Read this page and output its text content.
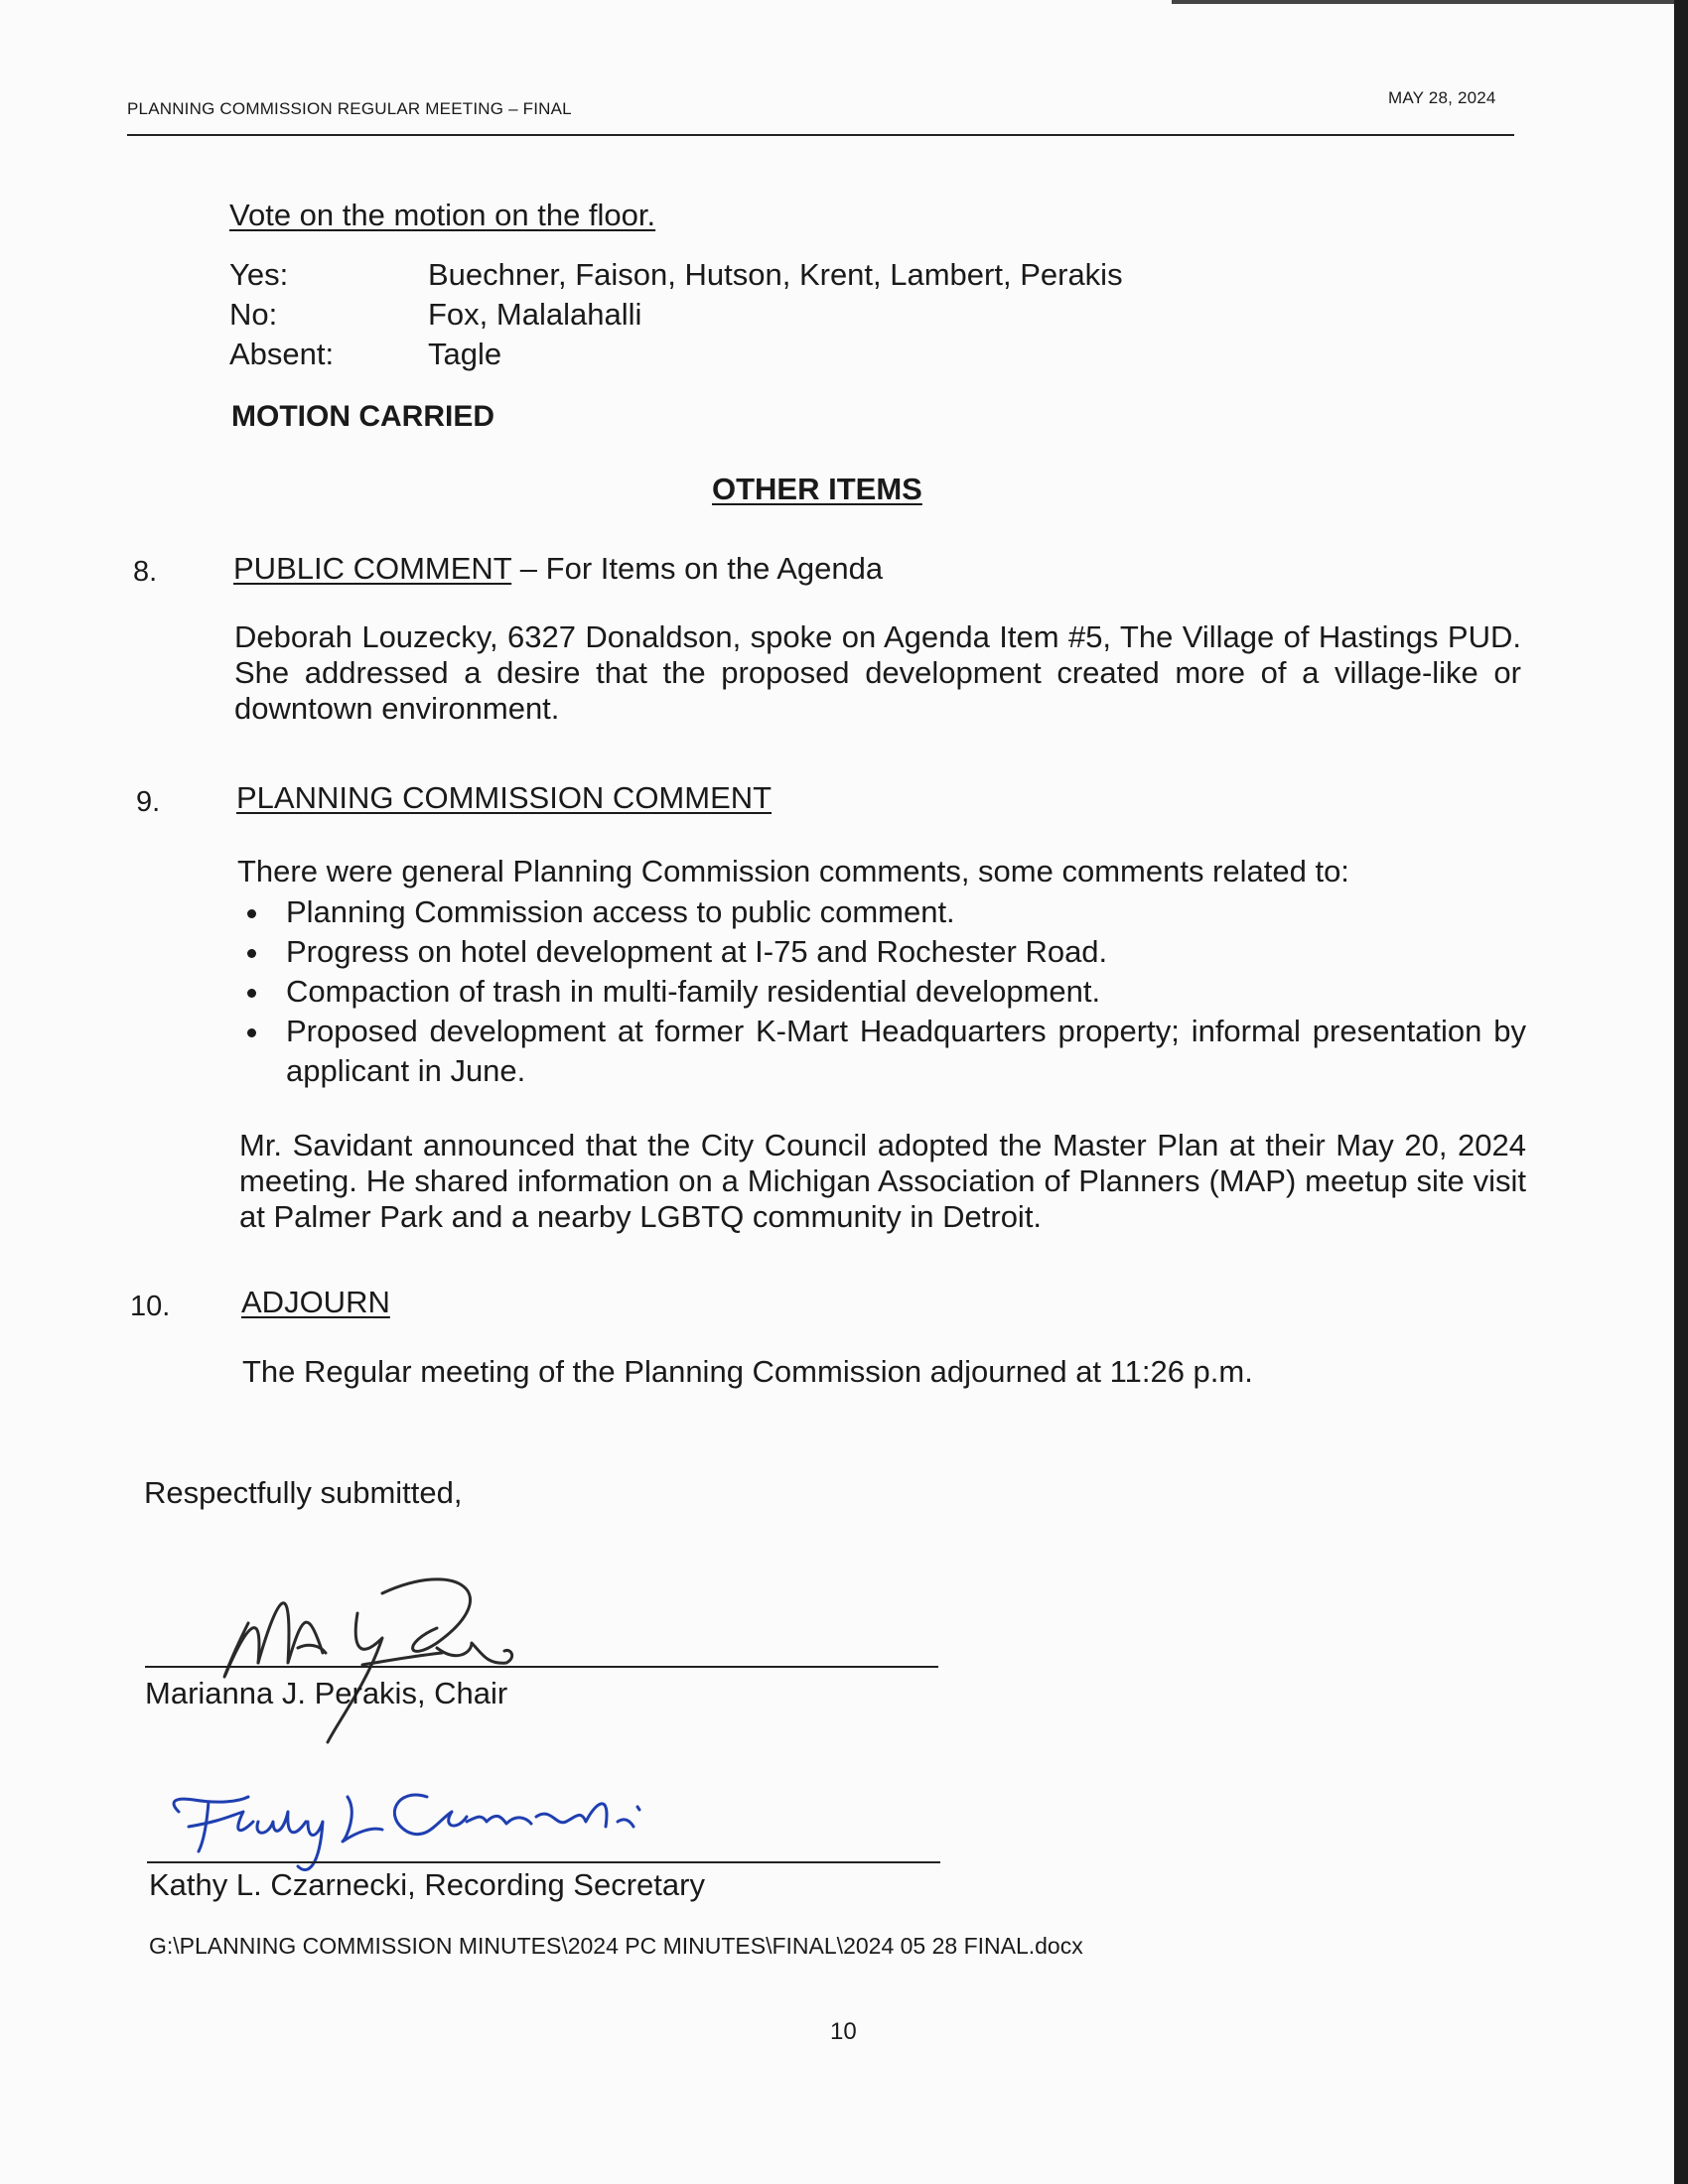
PLANNING COMMISSION REGULAR MEETING – FINAL
MAY 28, 2024
Vote on the motion on the floor.
Yes:	Buechner, Faison, Hutson, Krent, Lambert, Perakis
No:	Fox, Malalahalli
Absent:	Tagle
MOTION CARRIED
OTHER ITEMS
8. PUBLIC COMMENT – For Items on the Agenda
Deborah Louzecky, 6327 Donaldson, spoke on Agenda Item #5, The Village of Hastings PUD. She addressed a desire that the proposed development created more of a village-like or downtown environment.
9. PLANNING COMMISSION COMMENT
There were general Planning Commission comments, some comments related to:
Planning Commission access to public comment.
Progress on hotel development at I-75 and Rochester Road.
Compaction of trash in multi-family residential development.
Proposed development at former K-Mart Headquarters property; informal presentation by applicant in June.
Mr. Savidant announced that the City Council adopted the Master Plan at their May 20, 2024 meeting. He shared information on a Michigan Association of Planners (MAP) meetup site visit at Palmer Park and a nearby LGBTQ community in Detroit.
10. ADJOURN
The Regular meeting of the Planning Commission adjourned at 11:26 p.m.
Respectfully submitted,
Marianna J. Perakis, Chair
Kathy L. Czarnecki, Recording Secretary
G:\PLANNING COMMISSION MINUTES\2024 PC MINUTES\FINAL\2024 05 28 FINAL.docx
10
